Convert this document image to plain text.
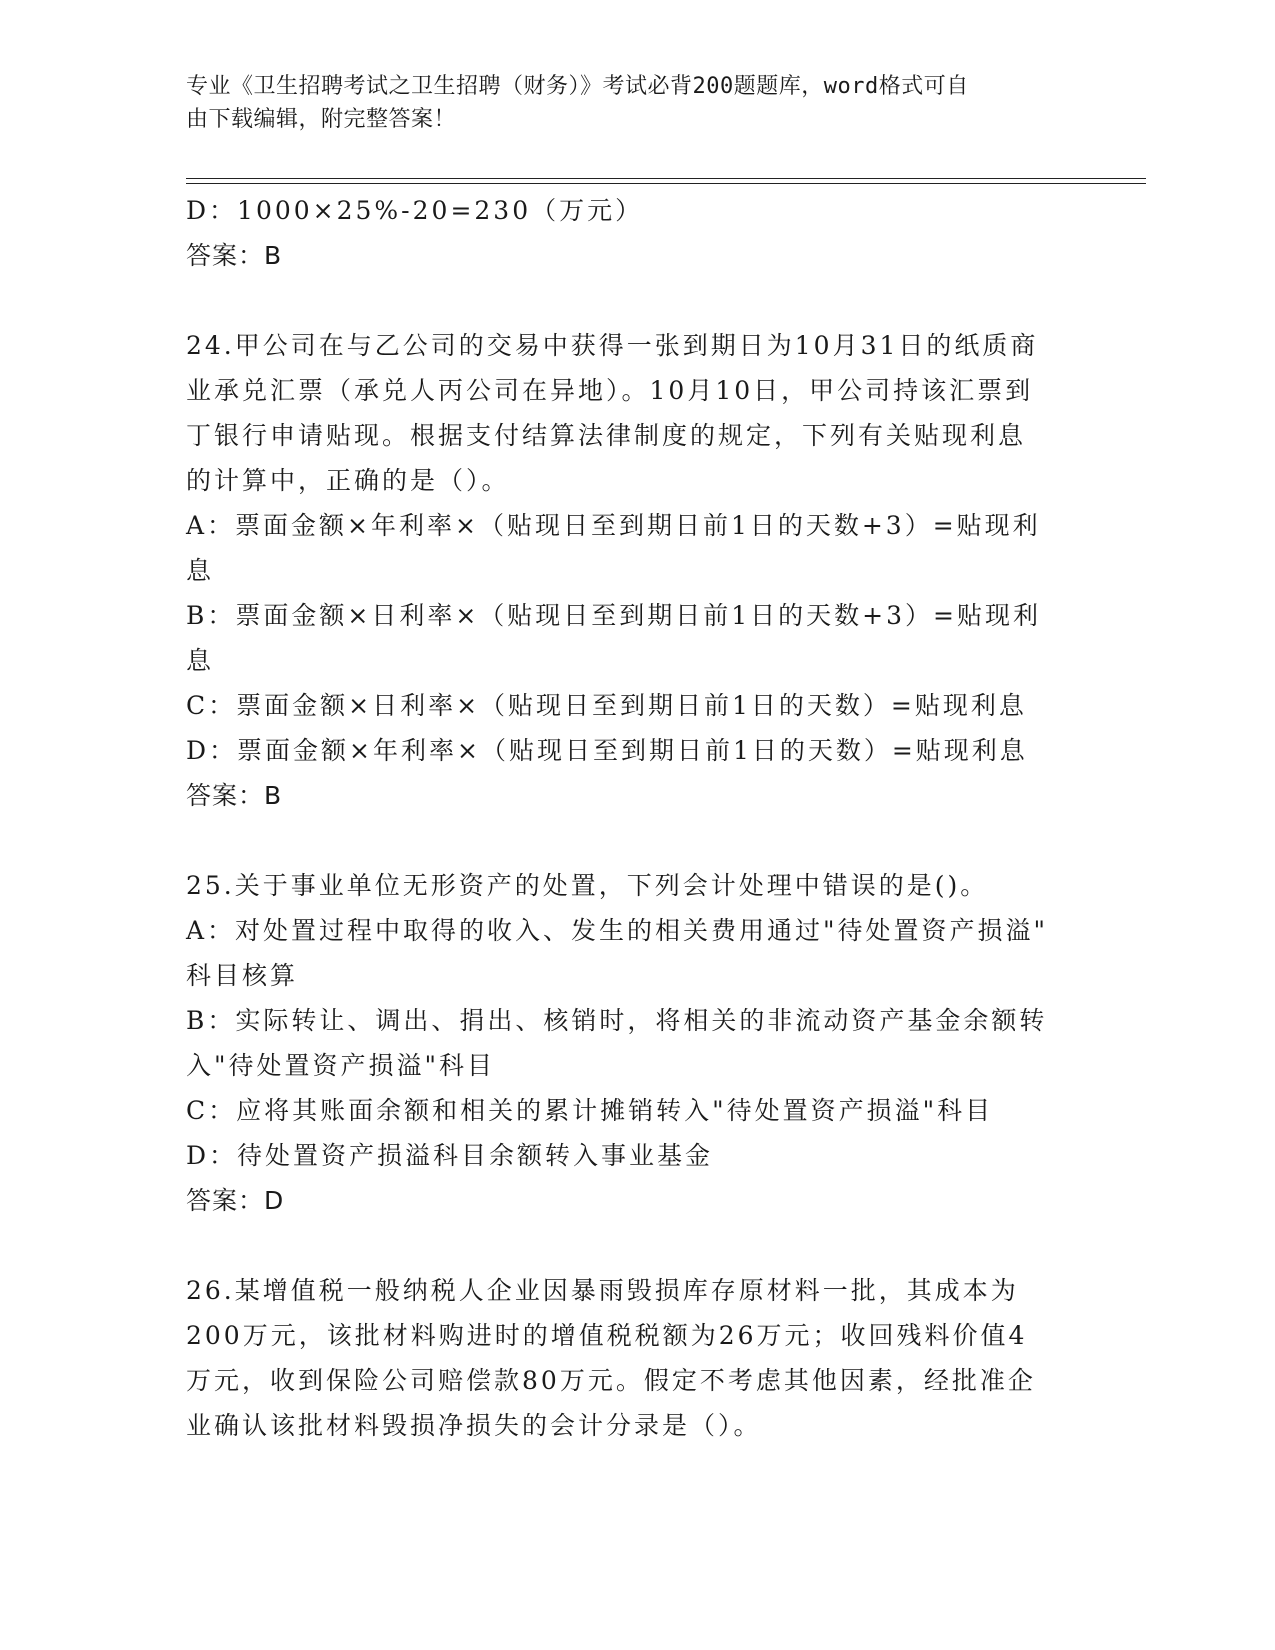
专业《卫生招聘考试之卫生招聘（财务）》考试必背200题题库，word格式可自
由下载编辑，附完整答案！

D：1000×25%-20=230（万元）

答案：B

24.甲公司在与乙公司的交易中获得一张到期日为10月31日的纸质商

业承兑汇票（承兑人丙公司在异地）。10月10日，甲公司持该汇票到

丁银行申请贴现。根据支付结算法律制度的规定，下列有关贴现利息

的计算中，正确的是（）。

A：票面金额×年利率×（贴现日至到期日前1日的天数+3）=贴现利

息

B：票面金额×日利率×（贴现日至到期日前1日的天数+3）=贴现利

息

C：票面金额×日利率×（贴现日至到期日前1日的天数）=贴现利息

D：票面金额×年利率×（贴现日至到期日前1日的天数）=贴现利息

答案：B

25.关于事业单位无形资产的处置，下列会计处理中错误的是()。

A：对处置过程中取得的收入、发生的相关费用通过"待处置资产损溢"

科目核算

B：实际转让、调出、捐出、核销时，将相关的非流动资产基金余额转

入"待处置资产损溢"科目

C：应将其账面余额和相关的累计摊销转入"待处置资产损溢"科目

D：待处置资产损溢科目余额转入事业基金

答案：D

26.某增值税一般纳税人企业因暴雨毁损库存原材料一批，其成本为

200万元，该批材料购进时的增值税税额为26万元；收回残料价值4

万元，收到保险公司赔偿款80万元。假定不考虑其他因素，经批准企

业确认该批材料毁损净损失的会计分录是（）。
